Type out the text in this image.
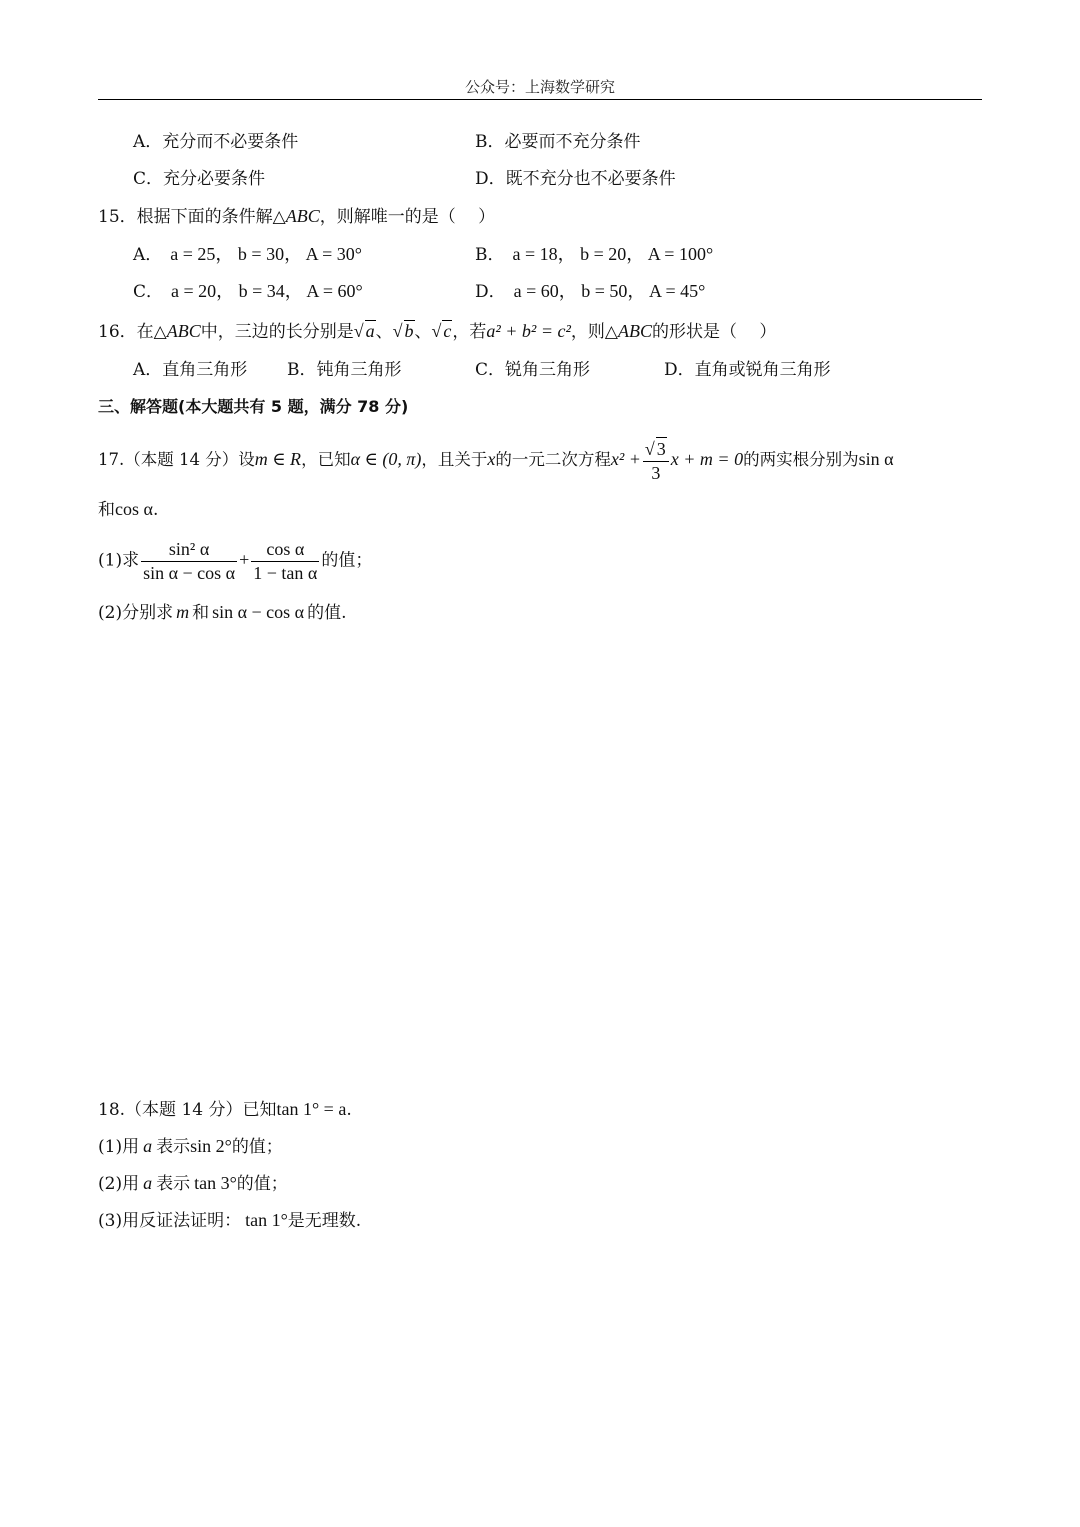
公众号：上海数学研究
A．充分而不必要条件	B．必要而不充分条件
C．充分必要条件	D．既不充分也不必要条件
15．根据下面的条件解△ABC，则解唯一的是（　 ）
A． a = 25， b = 30， A = 30°	B． a = 18， b = 20， A = 100°
C． a = 20， b = 34， A = 60°	D． a = 60， b = 50， A = 45°
16．在△ABC中，三边的长分别是√ a、√ b、√ c，若a² + b² = c²，则△ABC的形状是（　 ）
A．直角三角形 B．钝角三角形	C．锐角三角形	D．直角或锐角三角形
三、解答题(本大题共有 5 题，满分 78 分)
17.（本题 14 分）设m ∈ R，已知α ∈ (0, π)，且关于x的一元二次方程$x^2 + \frac{√ 3}{3}$ x + m = 0的两实根分别为sin α
和cos α.
(1)求 $\frac{\text{sin² α}}{\text{sin α − cos α}} + \frac{\text{cos α}}{\text{1 − tan α}}$ 的值；
(2)分别求 m 和 sin α − cos α 的值.
18.（本题 14 分）已知tan 1° = a.
(1)用 a 表示sin 2°的值；
(2)用 a 表示 tan 3°的值；
(3)用反证法证明： tan 1°是无理数.
